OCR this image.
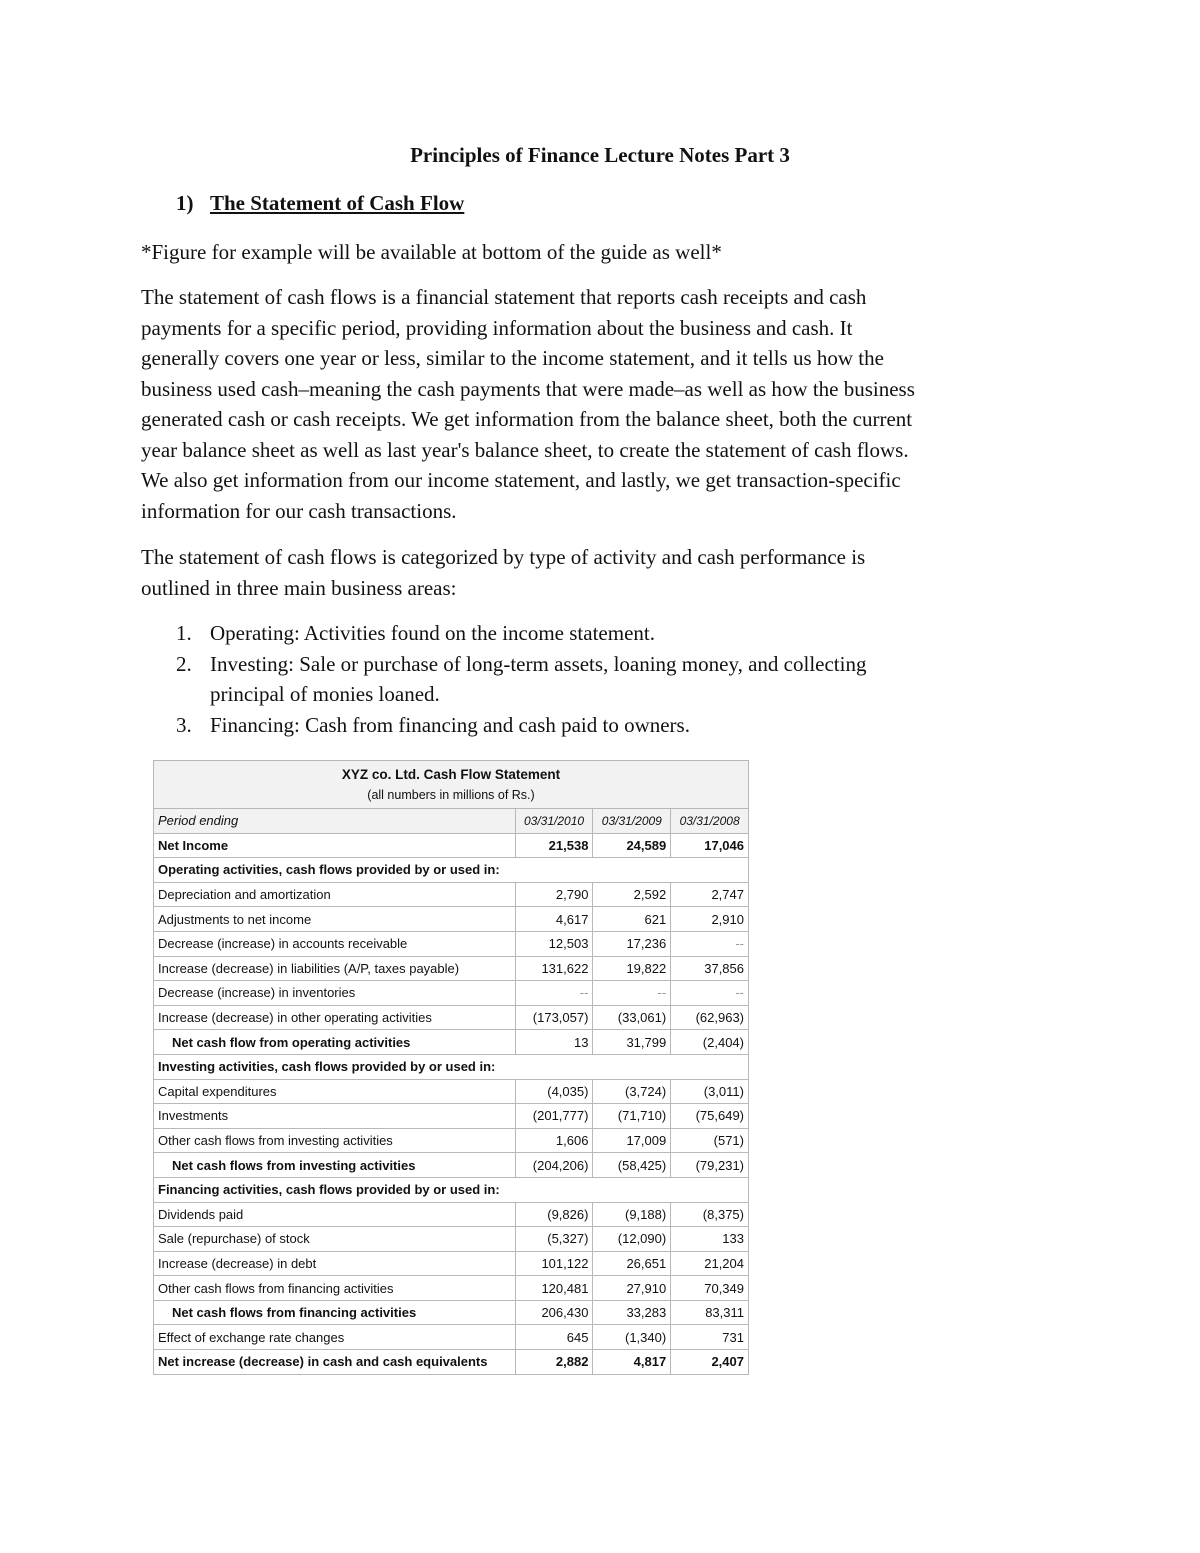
Principles of Finance Lecture Notes Part 3
1) The Statement of Cash Flow
*Figure for example will be available at bottom of the guide as well*
The statement of cash flows is a financial statement that reports cash receipts and cash
payments for a specific period, providing information about the business and cash. It
generally covers one year or less, similar to the income statement, and it tells us how the
business used cash–meaning the cash payments that were made–as well as how the business
generated cash or cash receipts. We get information from the balance sheet, both the current
year balance sheet as well as last year's balance sheet, to create the statement of cash flows.
We also get information from our income statement, and lastly, we get transaction-specific
information for our cash transactions.
The statement of cash flows is categorized by type of activity and cash performance is
outlined in three main business areas:
1. Operating: Activities found on the income statement.
2. Investing: Sale or purchase of long-term assets, loaning money, and collecting
principal of monies loaned.
3. Financing: Cash from financing and cash paid to owners.
XYZ co. Ltd. Cash Flow Statement
(all numbers in millions of Rs.)			

Period ending	03/31/2010	03/31/2009	03/31/2008
Net Income	21,538	24,589	17,046
Operating activities, cash flows provided by or used in:			
Depreciation and amortization	2,790	2,592	2,747
Adjustments to net income	4,617	621	2,910
Decrease (increase) in accounts receivable	12,503	17,236	--
Increase (decrease) in liabilities (A/P, taxes payable)	131,622	19,822	37,856
Decrease (increase) in inventories	--	--	--
Increase (decrease) in other operating activities	(173,057)	(33,061)	(62,963)
Net cash flow from operating activities	13	31,799	(2,404)
Investing activities, cash flows provided by or used in:			
Capital expenditures	(4,035)	(3,724)	(3,011)
Investments	(201,777)	(71,710)	(75,649)
Other cash flows from investing activities	1,606	17,009	(571)
Net cash flows from investing activities	(204,206)	(58,425)	(79,231)
Financing activities, cash flows provided by or used in:			
Dividends paid	(9,826)	(9,188)	(8,375)
Sale (repurchase) of stock	(5,327)	(12,090)	133
Increase (decrease) in debt	101,122	26,651	21,204
Other cash flows from financing activities	120,481	27,910	70,349
Net cash flows from financing activities	206,430	33,283	83,311
Effect of exchange rate changes	645	(1,340)	731
Net increase (decrease) in cash and cash equivalents	2,882	4,817	2,407
